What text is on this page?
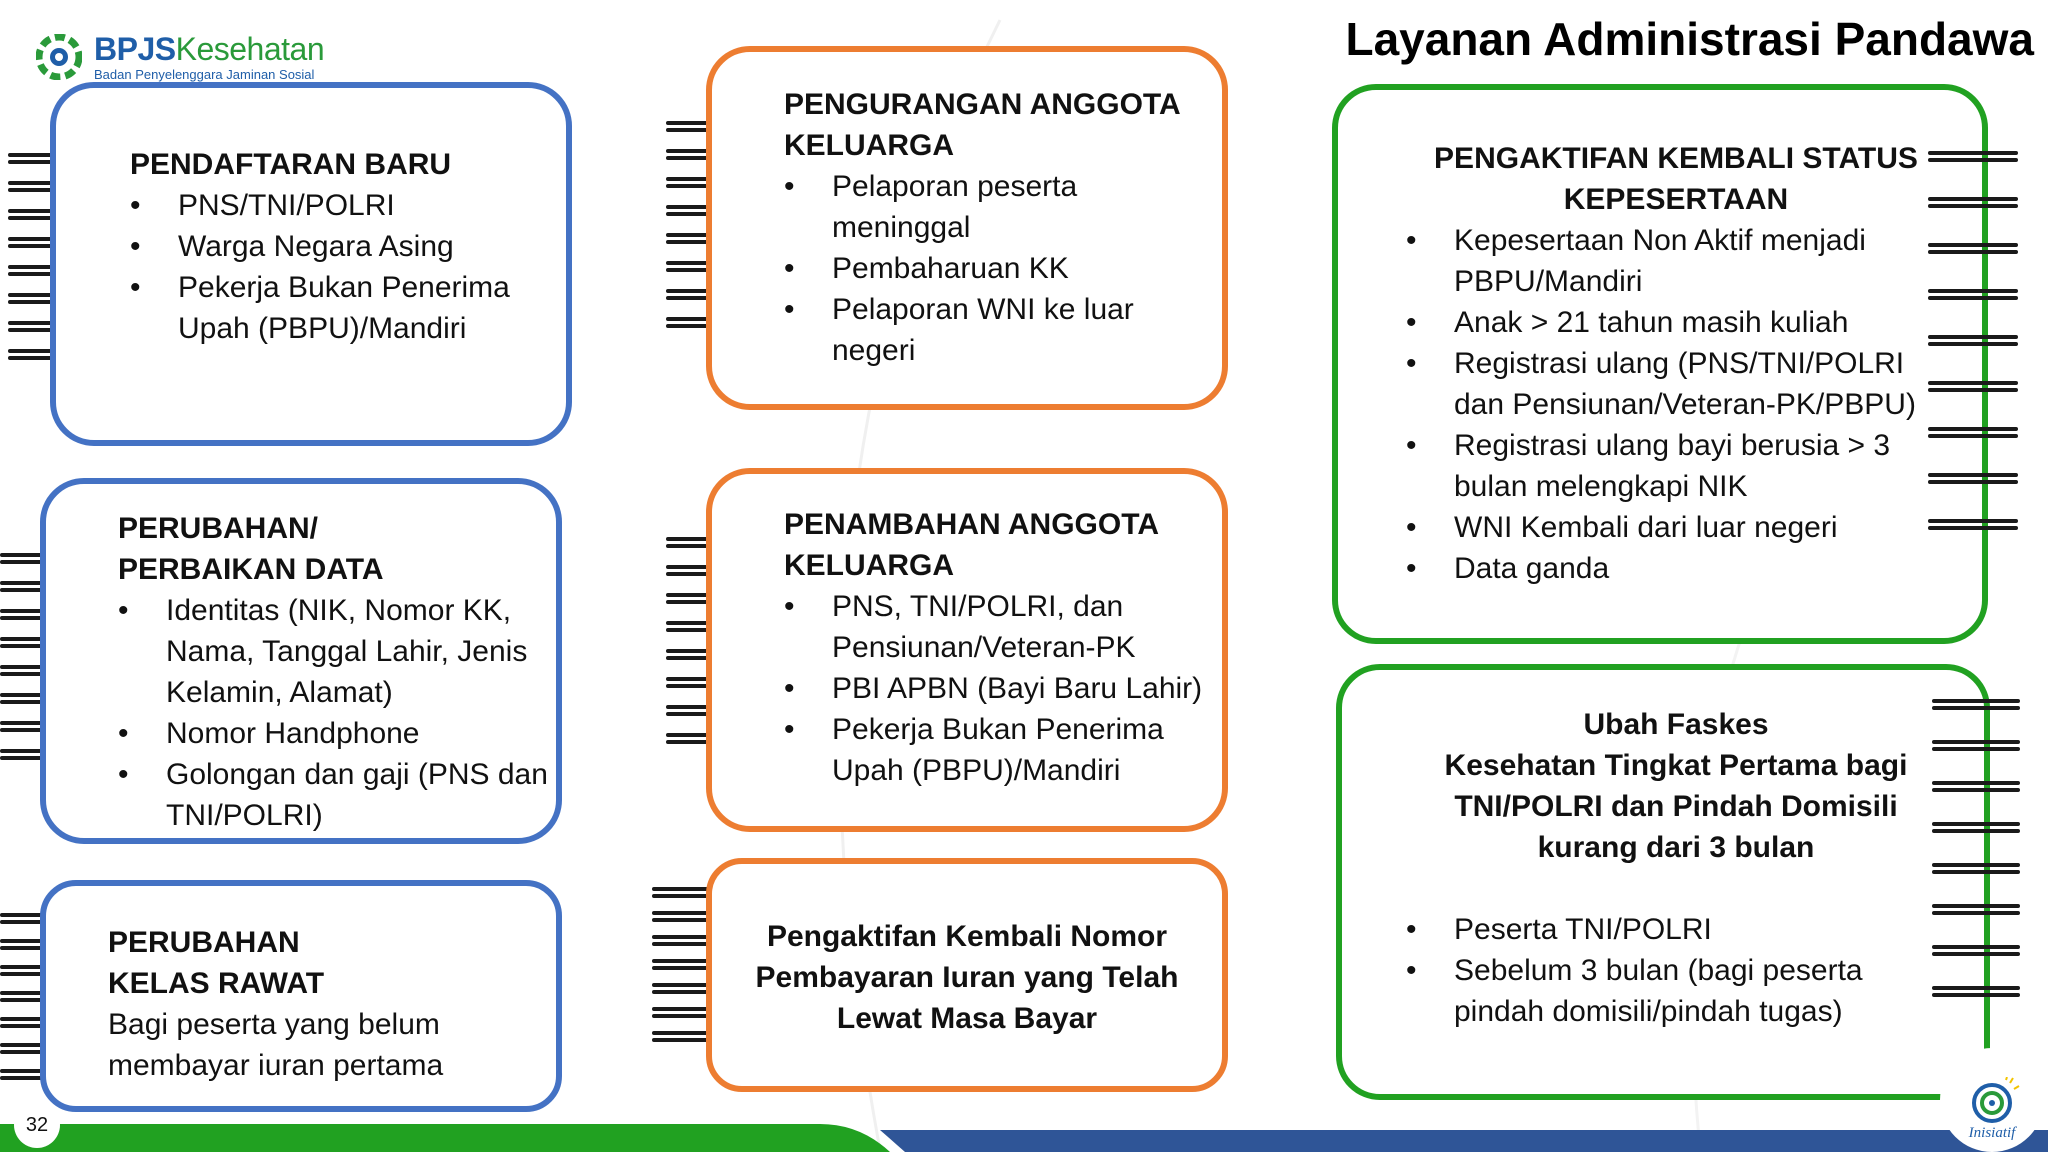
BPJSKesehatan
Badan Penyelenggara Jaminan Sosial
Layanan Administrasi Pandawa
PENDAFTARAN BARU
• PNS/TNI/POLRI
• Warga Negara Asing
• Pekerja Bukan Penerima Upah (PBPU)/Mandiri
PERUBAHAN/
PERBAIKAN DATA
• Identitas (NIK, Nomor KK, Nama, Tanggal Lahir, Jenis Kelamin, Alamat)
• Nomor Handphone
• Golongan dan gaji (PNS dan TNI/POLRI)
PERUBAHAN
KELAS RAWAT
Bagi peserta yang belum membayar iuran pertama
PENGURANGAN ANGGOTA KELUARGA
• Pelaporan peserta meninggal
• Pembaharuan KK
• Pelaporan WNI ke luar negeri
PENAMBAHAN ANGGOTA KELUARGA
• PNS, TNI/POLRI, dan Pensiunan/Veteran-PK
• PBI APBN (Bayi Baru Lahir)
• Pekerja Bukan Penerima Upah (PBPU)/Mandiri
Pengaktifan Kembali Nomor Pembayaran Iuran yang Telah Lewat Masa Bayar
PENGAKTIFAN KEMBALI STATUS KEPESERTAAN
• Kepesertaan Non Aktif menjadi PBPU/Mandiri
• Anak > 21 tahun masih kuliah
• Registrasi ulang (PNS/TNI/POLRI dan Pensiunan/Veteran-PK/PBPU)
• Registrasi ulang bayi berusia > 3 bulan melengkapi NIK
• WNI Kembali dari luar negeri
• Data ganda
Ubah Faskes
Kesehatan Tingkat Pertama bagi TNI/POLRI dan Pindah Domisili kurang dari 3 bulan
• Peserta TNI/POLRI
• Sebelum 3 bulan (bagi peserta pindah domisili/pindah tugas)
32	Inisiatif
